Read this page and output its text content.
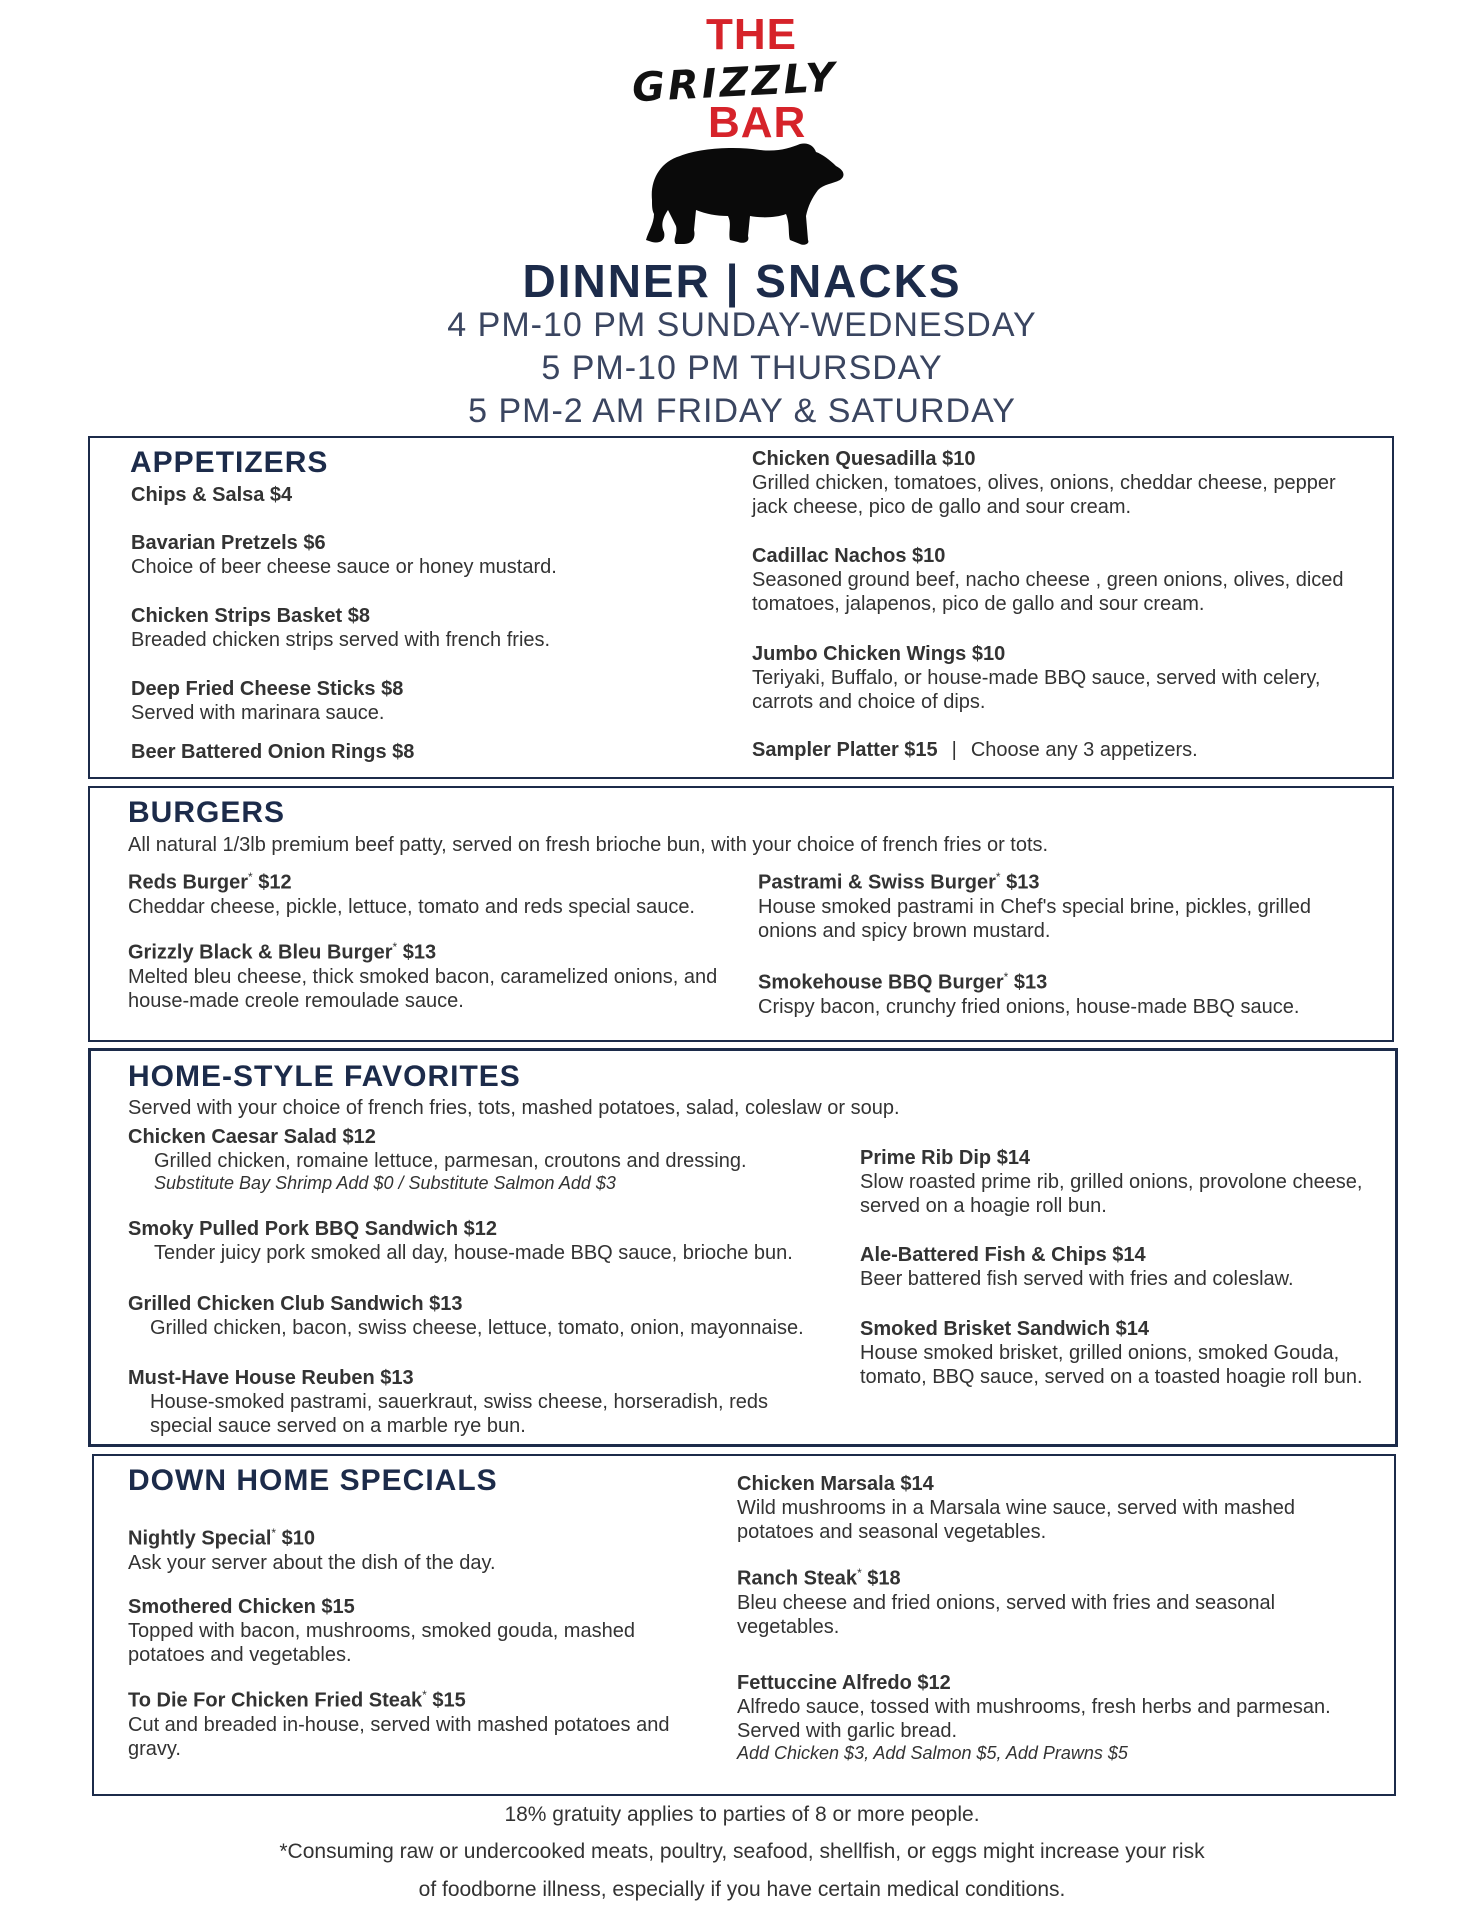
THE
GRIZZLY
BAR
DINNER | SNACKS
4 PM-10 PM SUNDAY-WEDNESDAY
5 PM-10 PM THURSDAY
5 PM-2 AM FRIDAY & SATURDAY
APPETIZERS
Chips & Salsa $4
Bavarian Pretzels $6
Choice of beer cheese sauce or honey mustard.
Chicken Strips Basket $8
Breaded chicken strips served with french fries.
Deep Fried Cheese Sticks $8
Served with marinara sauce.
Beer Battered Onion Rings $8
Chicken Quesadilla $10
Grilled chicken, tomatoes, olives, onions, cheddar cheese, pepper jack cheese, pico de gallo and sour cream.
Cadillac Nachos $10
Seasoned ground beef, nacho cheese , green onions, olives, diced tomatoes, jalapenos, pico de gallo and sour cream.
Jumbo Chicken Wings $10
Teriyaki, Buffalo, or house-made BBQ sauce, served with celery, carrots and choice of dips.
Sampler Platter $15 | Choose any 3 appetizers.
BURGERS
All natural 1/3lb premium beef patty, served on fresh brioche bun, with your choice of french fries or tots.
Reds Burger* $12
Cheddar cheese, pickle, lettuce, tomato and reds special sauce.
Grizzly Black & Bleu Burger* $13
Melted bleu cheese, thick smoked bacon, caramelized onions, and house-made creole remoulade sauce.
Pastrami & Swiss Burger* $13
House smoked pastrami in Chef's special brine, pickles, grilled onions and spicy brown mustard.
Smokehouse BBQ Burger* $13
Crispy bacon, crunchy fried onions, house-made BBQ sauce.
HOME-STYLE FAVORITES
Served with your choice of french fries, tots, mashed potatoes, salad, coleslaw or soup.
Chicken Caesar Salad $12
Grilled chicken, romaine lettuce, parmesan, croutons and dressing.
Substitute Bay Shrimp Add $0 / Substitute Salmon Add $3
Smoky Pulled Pork BBQ Sandwich $12
Tender juicy pork smoked all day, house-made BBQ sauce, brioche bun.
Grilled Chicken Club Sandwich $13
Grilled chicken, bacon, swiss cheese, lettuce, tomato, onion, mayonnaise.
Must-Have House Reuben $13
House-smoked pastrami, sauerkraut, swiss cheese, horseradish, reds special sauce served on a marble rye bun.
Prime Rib Dip $14
Slow roasted prime rib, grilled onions, provolone cheese, served on a hoagie roll bun.
Ale-Battered Fish & Chips $14
Beer battered fish served with fries and coleslaw.
Smoked Brisket Sandwich $14
House smoked brisket, grilled onions, smoked Gouda, tomato, BBQ sauce, served on a toasted hoagie roll bun.
DOWN HOME SPECIALS
Nightly Special* $10
Ask your server about the dish of the day.
Smothered Chicken $15
Topped with bacon, mushrooms, smoked gouda, mashed potatoes and vegetables.
To Die For Chicken Fried Steak* $15
Cut and breaded in-house, served with mashed potatoes and gravy.
Chicken Marsala $14
Wild mushrooms in a Marsala wine sauce, served with mashed potatoes and seasonal vegetables.
Ranch Steak* $18
Bleu cheese and fried onions, served with fries and seasonal vegetables.
Fettuccine Alfredo $12
Alfredo sauce, tossed with mushrooms, fresh herbs and parmesan. Served with garlic bread.
Add Chicken $3, Add Salmon $5, Add Prawns $5
18% gratuity applies to parties of 8 or more people.
*Consuming raw or undercooked meats, poultry, seafood, shellfish, or eggs might increase your risk
of foodborne illness, especially if you have certain medical conditions.
